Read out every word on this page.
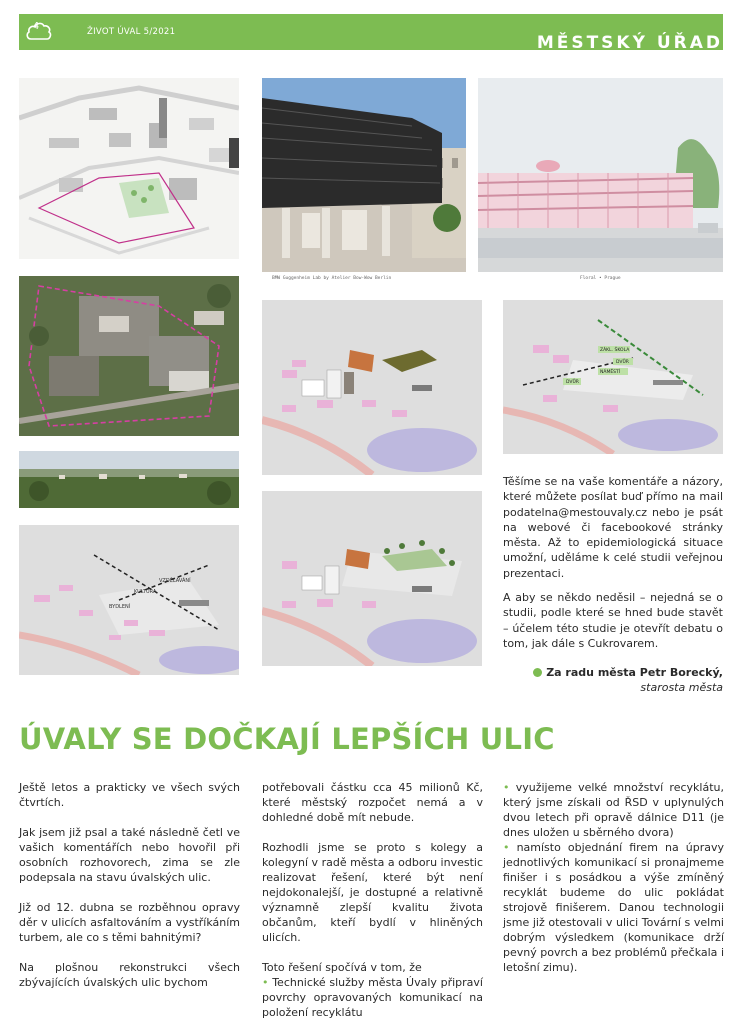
4	ŽIVOT ÚVAL 5/2021
MĚSTSKÝ ÚŘAD
BMW Guggenheim Lab by Atelier Bow-Wow Berlin	Floral • Prague
VZDĚLÁVÁNÍ
KULTURA
BYDLENÍ
ZÁKL. ŠKOLA
DVŮR
NÁMĚSTÍ
DVŮR

Těšíme se na vaše komentáře a názory, které můžete posílat buď přímo na mail podatelna@mestouvaly.cz nebo je psát na webové či facebookové stránky města. Až to epidemiologická situace umožní, uděláme k celé studii veřejnou prezentaci.

A aby se někdo neděsil – nejedná se o studii, podle které se hned bude stavět – účelem této studie je otevřít debatu o tom, jak dále s Cukrovarem.

Za radu města Petr Borecký,
starosta města
ÚVALY SE DOČKAJÍ LEPŠÍCH ULIC

Ještě letos a prakticky ve všech svých čtvrtích.

Jak jsem již psal a také následně četl ve vašich komentářích nebo hovořil při osobních rozhovorech, zima se zle podepsala na stavu úvalských ulic.

Již od 12. dubna se rozběhnou opravy děr v ulicích asfaltováním a vystříkáním turbem, ale co s těmi bahnitými?

Na plošnou rekonstrukci všech zbývajících úvalských ulic bychom

potřebovali částku cca 45 milionů Kč, které městský rozpočet nemá a v dohledné době mít nebude.

Rozhodli jsme se proto s kolegy a kolegyní v radě města a odboru investic realizovat řešení, které být není nejdokonalejší, je dostupné a relativně významně zlepší kvalitu života občanům, kteří bydlí v hliněných ulicích.

Toto řešení spočívá v tom, že

• Technické služby města Úvaly připraví povrchy opravovaných komunikací na položení recyklátu

• využijeme velké množství recyklátu, který jsme získali od ŘSD v uplynulých dvou letech při opravě dálnice D11 (je dnes uložen u sběrného dvora)

• namísto objednání firem na úpravy jednotlivých komunikací si pronajmeme finišer i s posádkou a výše zmíněný recyklát budeme do ulic pokládat strojově finišerem. Danou technologii jsme již otestovali v ulici Tovární s velmi dobrým výsledkem (komunikace drží pevný povrch a bez problémů přečkala i letošní zimu).
